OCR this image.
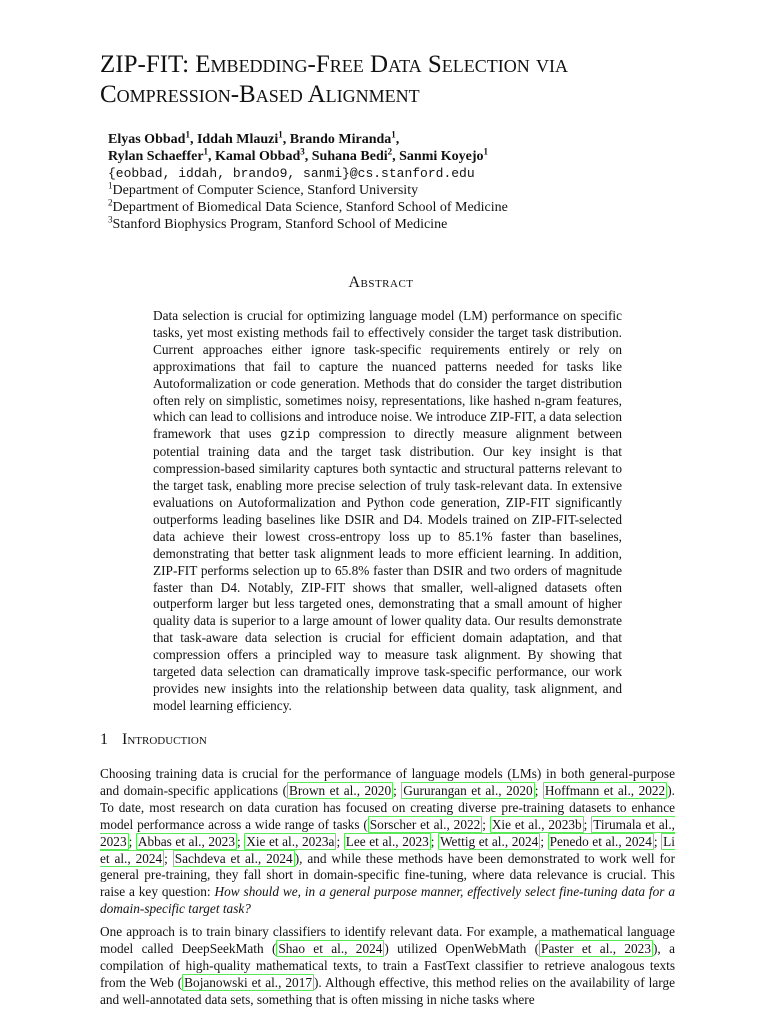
ZIP-FIT: Embedding-Free Data Selection via
Compression-Based Alignment
Elyas Obbad$^1$, Iddah Mlauzi$^1$, Brando Miranda$^1$,
Rylan Schaeffer$^1$, Kamal Obbad$^3$, Suhana Bedi$^2$, Sanmi Koyejo$^1$
{eobbad, iddah, brando9, sanmi}@cs.stanford.edu
$^1$Department of Computer Science, Stanford University
$^2$Department of Biomedical Data Science, Stanford School of Medicine
$^3$Stanford Biophysics Program, Stanford School of Medicine
Abstract

Data selection is crucial for optimizing language model (LM) performance on specific tasks, yet most existing methods fail to effectively consider the target task distribution. Current approaches either ignore task-specific requirements entirely or rely on approximations that fail to capture the nuanced patterns needed for tasks like Autoformalization or code generation. Methods that do consider the target distribution often rely on simplistic, sometimes noisy, representations, like hashed n-gram features, which can lead to collisions and introduce noise. We introduce ZIP-FIT, a data selection framework that uses gzip compression to directly measure alignment between potential training data and the target task distribution. Our key insight is that compression-based similarity captures both syntactic and structural patterns relevant to the target task, enabling more precise selection of truly task-relevant data. In extensive evaluations on Autoformalization and Python code generation, ZIP-FIT significantly outperforms leading baselines like DSIR and D4. Models trained on ZIP-FIT-selected data achieve their lowest cross-entropy loss up to 85.1% faster than baselines, demonstrating that better task alignment leads to more efficient learning. In addition, ZIP-FIT performs selection up to 65.8% faster than DSIR and two orders of magnitude faster than D4. Notably, ZIP-FIT shows that smaller, well-aligned datasets often outperform larger but less targeted ones, demonstrating that a small amount of higher quality data is superior to a large amount of lower quality data. Our results demonstrate that task-aware data selection is crucial for efficient domain adaptation, and that compression offers a principled way to measure task alignment. By showing that targeted data selection can dramatically improve task-specific performance, our work provides new insights into the relationship between data quality, task alignment, and model learning efficiency.

1 Introduction

Choosing training data is crucial for the performance of language models (LMs) in both general-purpose and domain-specific applications ( Brown et al., 2020 ; Gururangan et al., 2020 ; Hoffmann et al., 2022 ). To date, most research on data curation has focused on creating diverse pre-training datasets to enhance model performance across a wide range of tasks ( Sorscher et al., 2022 ; Xie et al., 2023b ; Tirumala et al., 2023 ; Abbas et al., 2023 ; Xie et al., 2023a ; Lee et al., 2023 ; Wettig et al., 2024 ; Penedo et al., 2024 ; Li et al., 2024 ; Sachdeva et al., 2024 ), and while these methods have been demonstrated to work well for general pre-training, they fall short in domain-specific fine-tuning, where data relevance is crucial. This raise a key question: How should we, in a general purpose manner, effectively select fine-tuning data for a domain-specific target task?

One approach is to train binary classifiers to identify relevant data. For example, a mathematical language model called DeepSeekMath ( Shao et al., 2024 ) utilized OpenWebMath ( Paster et al., 2023 ), a compilation of high-quality mathematical texts, to train a FastText classifier to retrieve analogous texts from the Web ( Bojanowski et al., 2017 ). Although effective, this method relies on the availability of large and well-annotated data sets, something that is often missing in niche tasks where
